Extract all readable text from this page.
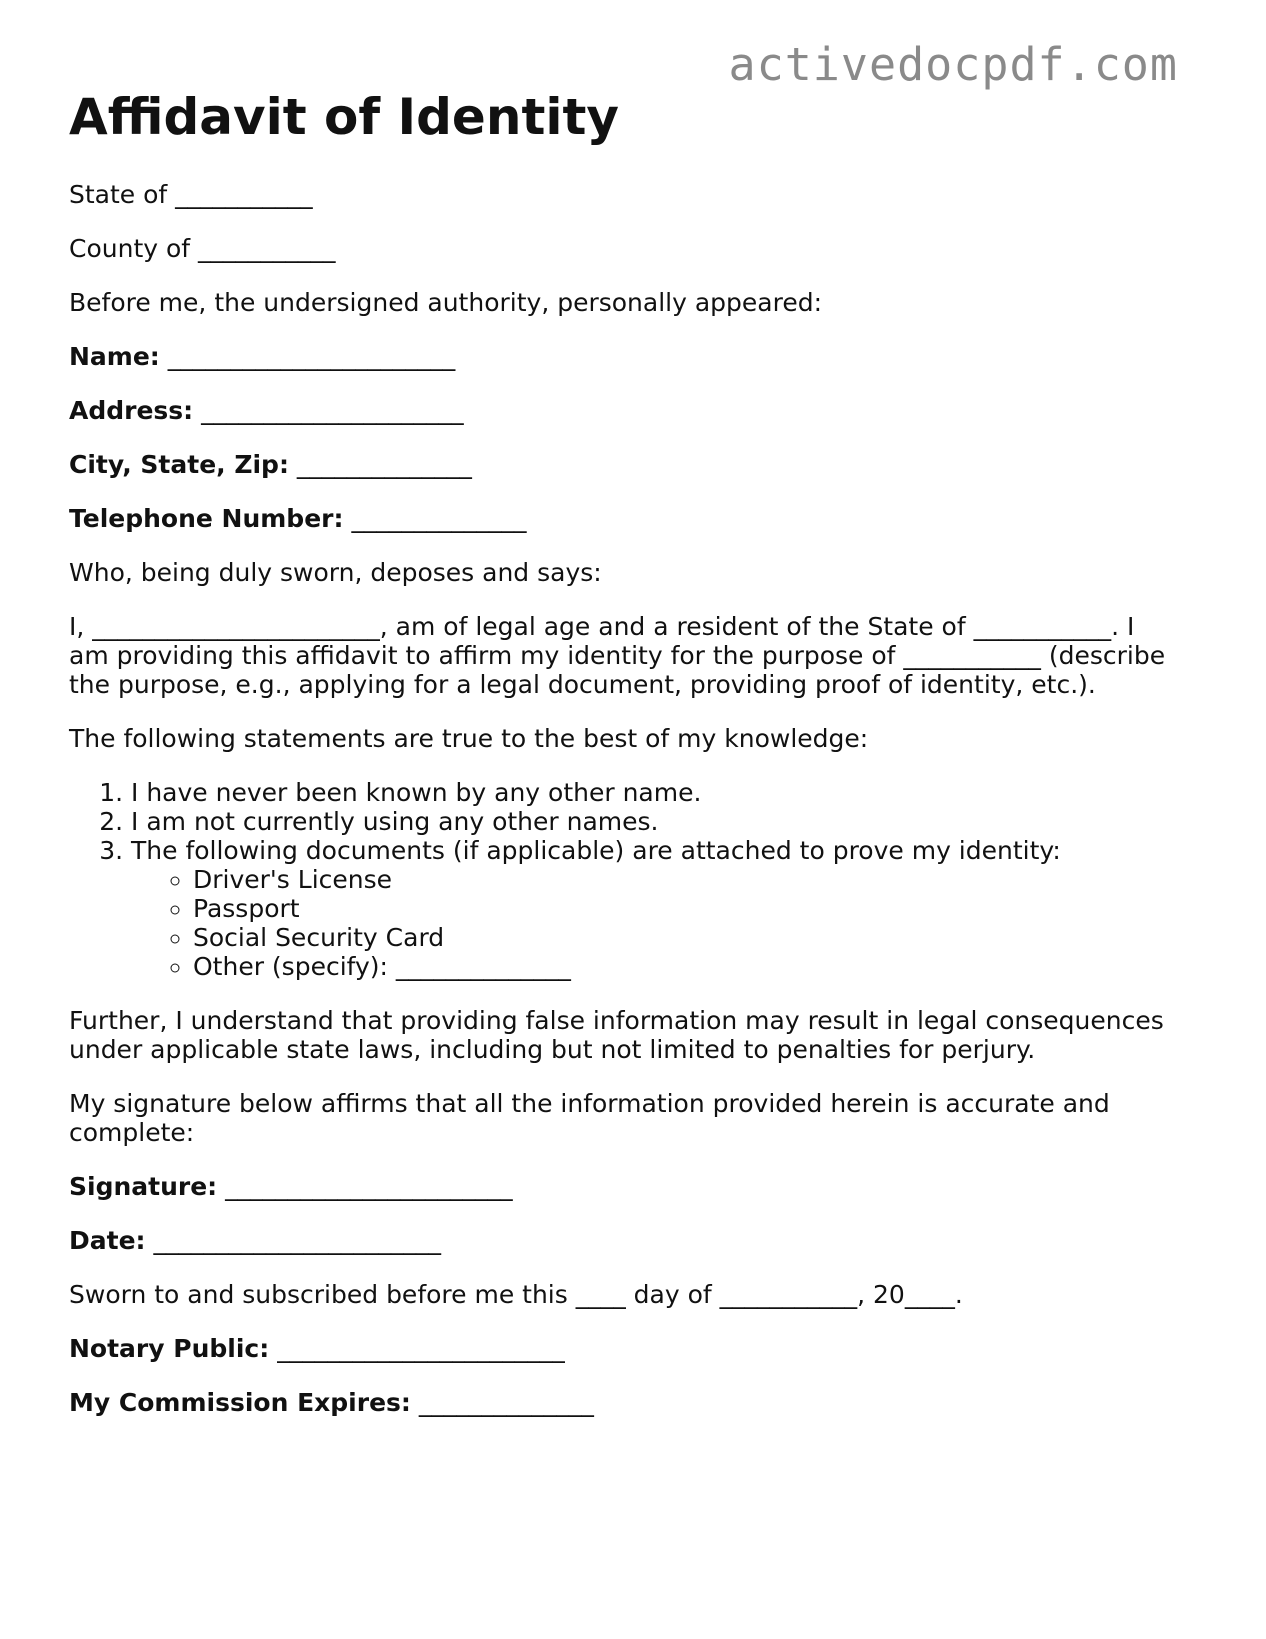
activedocpdf.com
Affidavit of Identity

State of ___________

County of ___________

Before me, the undersigned authority, personally appeared:

Name: _______________________

Address: _____________________

City, State, Zip: ______________

Telephone Number: ______________

Who, being duly sworn, deposes and says:

I, _______________________, am of legal age and a resident of the State of ___________. I am providing this affidavit to affirm my identity for the purpose of ___________ (describe the purpose, e.g., applying for a legal document, providing proof of identity, etc.).

The following statements are true to the best of my knowledge:

1. I have never been known by any other name.
2. I am not currently using any other names.
3. The following documents (if applicable) are attached to prove my identity:
◦ Driver's License
◦ Passport
◦ Social Security Card
◦ Other (specify): ______________

Further, I understand that providing false information may result in legal consequences under applicable state laws, including but not limited to penalties for perjury.

My signature below affirms that all the information provided herein is accurate and complete:

Signature: _______________________

Date: _______________________

Sworn to and subscribed before me this ____ day of ___________, 20____.

Notary Public: _______________________

My Commission Expires: ______________
